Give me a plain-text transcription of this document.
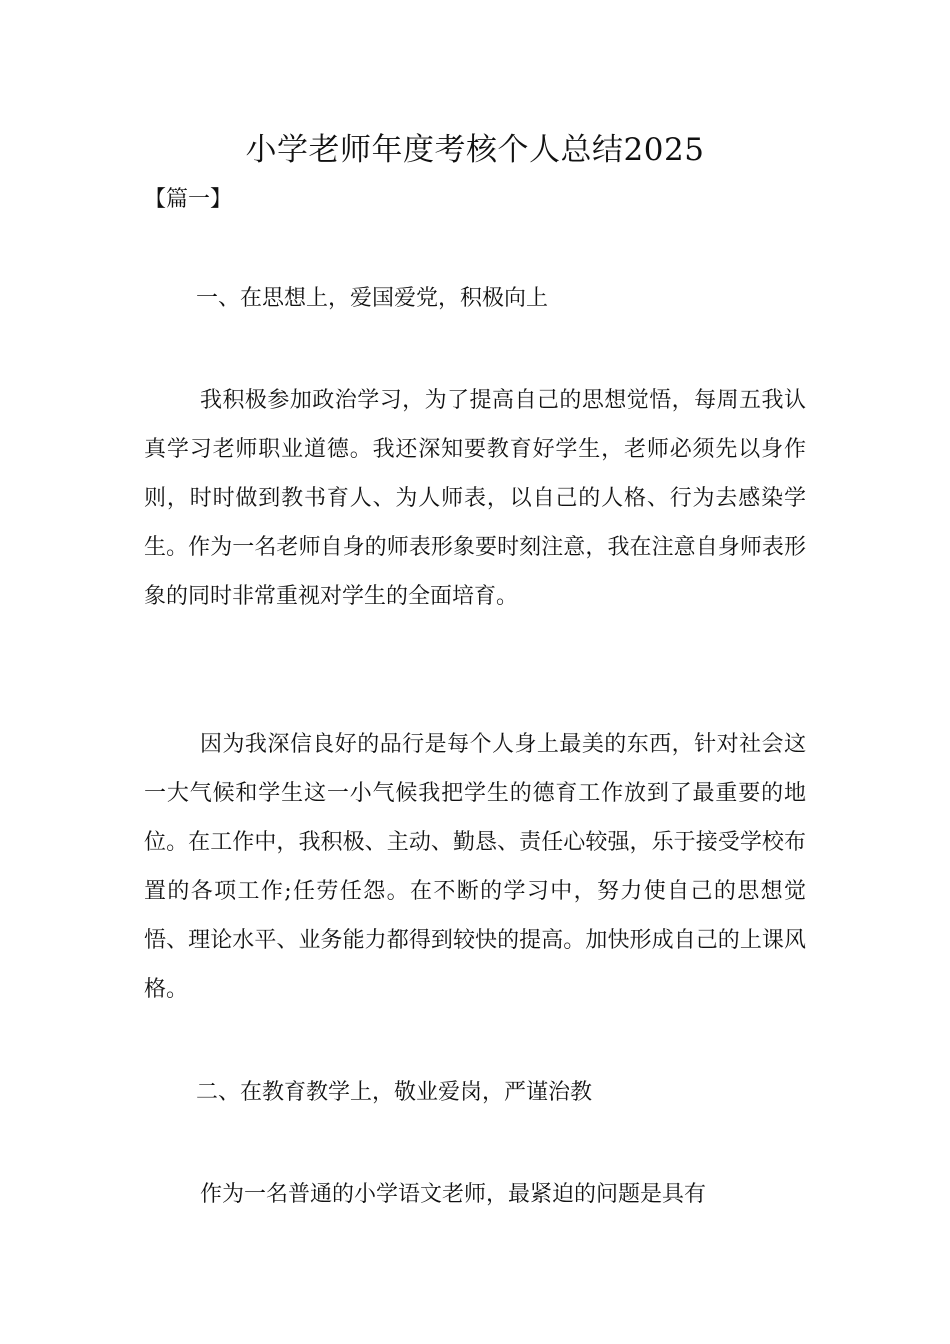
小学老师年度考核个人总结2025
【篇一】
一、在思想上，爱国爱党，积极向上
我积极参加政治学习，为了提高自己的思想觉悟，每周五我认真学习老师职业道德。我还深知要教育好学生，老师必须先以身作则，时时做到教书育人、为人师表，以自己的人格、行为去感染学生。作为一名老师自身的师表形象要时刻注意，我在注意自身师表形象的同时非常重视对学生的全面培育。
因为我深信良好的品行是每个人身上最美的东西，针对社会这一大气候和学生这一小气候我把学生的德育工作放到了最重要的地位。在工作中，我积极、主动、勤恳、责任心较强，乐于接受学校布置的各项工作;任劳任怨。在不断的学习中，努力使自己的思想觉悟、理论水平、业务能力都得到较快的提高。加快形成自己的上课风格。
二、在教育教学上，敬业爱岗，严谨治教
作为一名普通的小学语文老师，最紧迫的问题是具有
